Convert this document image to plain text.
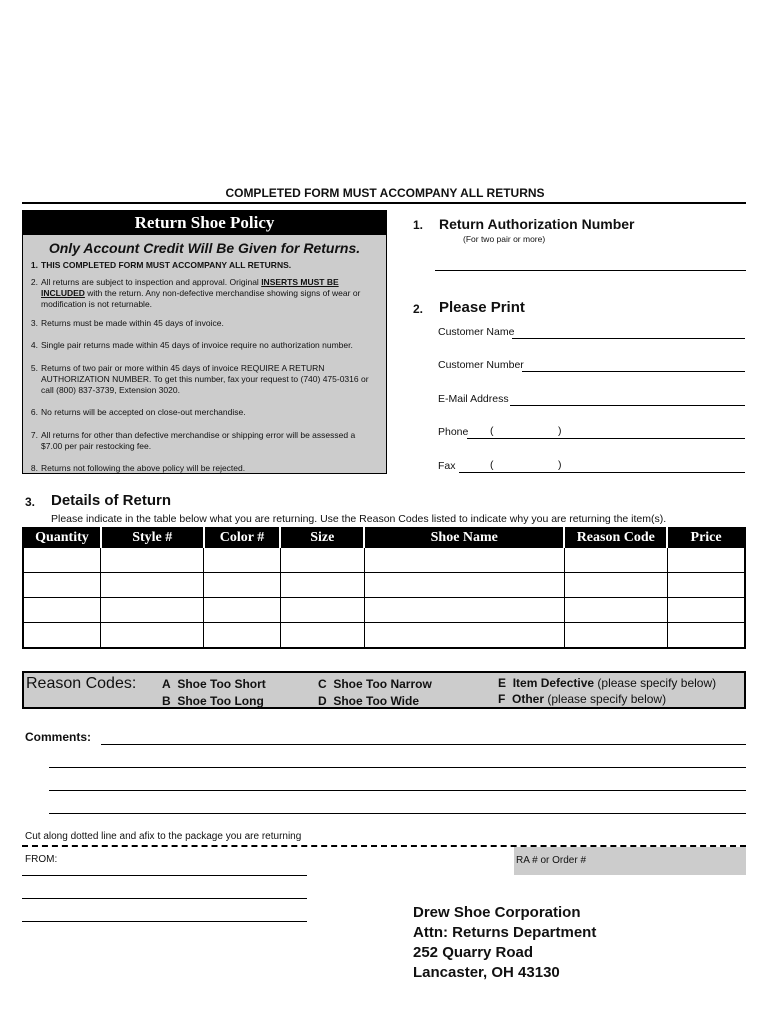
COMPLETED FORM MUST ACCOMPANY ALL RETURNS
Return Shoe Policy
Only Account Credit Will Be Given for Returns.
1. THIS COMPLETED FORM MUST ACCOMPANY ALL RETURNS.
2. All returns are subject to inspection and approval. Original INSERTS MUST BE INCLUDED with the return. Any non-defective merchandise showing signs of wear or modification is not returnable.
3. Returns must be made within 45 days of invoice.
4. Single pair returns made within 45 days of invoice require no authorization number.
5. Returns of two pair or more within 45 days of invoice REQUIRE A RETURN AUTHORIZATION NUMBER. To get this number, fax your request to (740) 475-0316 or call (800) 837-3739, Extension 3020.
6. No returns will be accepted on close-out merchandise.
7. All returns for other than defective merchandise or shipping error will be assessed a $7.00 per pair restocking fee.
8. Returns not following the above policy will be rejected.
1. Return Authorization Number
(For two pair or more)
2. Please Print
Customer Name
Customer Number
E-Mail Address
Phone (	)
Fax	(	)
3. Details of Return
Please indicate in the table below what you are returning. Use the Reason Codes listed to indicate why you are returning the item(s).
Quantity	Style #	Color #	Size	Shoe Name	Reason Code	Price

Reason Codes: A Shoe Too Short
B Shoe Too Long
C Shoe Too Narrow
D Shoe Too Wide
E Item Defective (please specify below)
F Other (please specify below)
Comments:
Cut along dotted line and afix to the package you are returning
FROM:	RA # or Order #
Drew Shoe Corporation
Attn: Returns Department
252 Quarry Road
Lancaster, OH 43130
